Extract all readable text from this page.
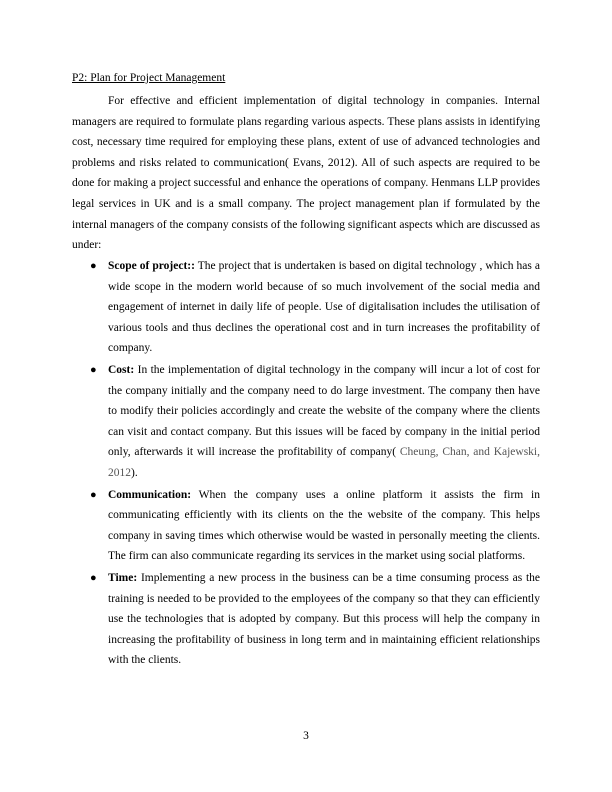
P2: Plan for Project Management

For effective and efficient implementation of digital technology in companies. Internal managers are required to formulate plans regarding various aspects. These plans assists in identifying cost, necessary time required for employing these plans, extent of use of advanced technologies and problems and risks related to communication( Evans, 2012). All of such aspects are required to be done for making a project successful and enhance the operations of company. Henmans LLP provides legal services in UK and is a small company. The project management plan if formulated by the internal managers of the company consists of the following significant aspects which are discussed as under:

● Scope of project:: The project that is undertaken is based on digital technology , which has a wide scope in the modern world because of so much involvement of the social media and engagement of internet in daily life of people. Use of digitalisation includes the utilisation of various tools and thus declines the operational cost and in turn increases the profitability of company.
● Cost: In the implementation of digital technology in the company will incur a lot of cost for the company initially and the company need to do large investment. The company then have to modify their policies accordingly and create the website of the company where the clients can visit and contact company. But this issues will be faced by company in the initial period only, afterwards it will increase the profitability of company( Cheung, Chan, and Kajewski, 2012).
● Communication: When the company uses a online platform it assists the firm in communicating efficiently with its clients on the the website of the company. This helps company in saving times which otherwise would be wasted in personally meeting the clients. The firm can also communicate regarding its services in the market using social platforms.
● Time: Implementing a new process in the business can be a time consuming process as the training is needed to be provided to the employees of the company so that they can efficiently use the technologies that is adopted by company. But this process will help the company in increasing the profitability of business in long term and in maintaining efficient relationships with the clients.
3
